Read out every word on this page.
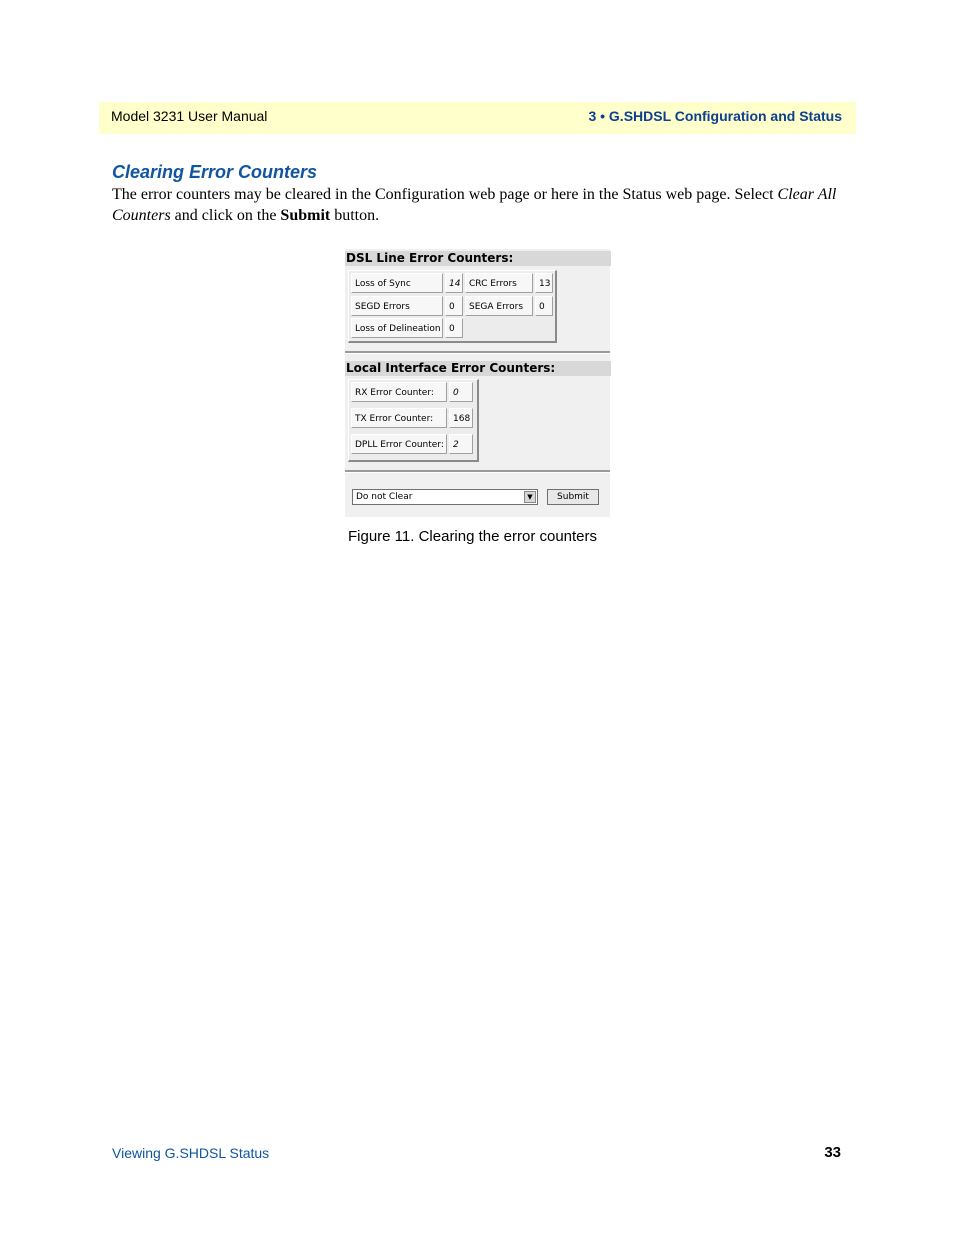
Model 3231 User Manual	3 • G.SHDSL Configuration and Status
Clearing Error Counters
The error counters may be cleared in the Configuration web page or here in the Status web page. Select Clear All Counters and click on the Submit button.
DSL Line Error Counters:
Loss of Sync	14 CRC Errors	13
SEGD Errors	0	SEGA Errors	0
Loss of Delineation 0
Local Interface Error Counters:
RX Error Counter:	0
TX Error Counter:	168
DPLL Error Counter:	2
Do not Clear	▼	Submit
Figure 11. Clearing the error counters
Viewing G.SHDSL Status	33
